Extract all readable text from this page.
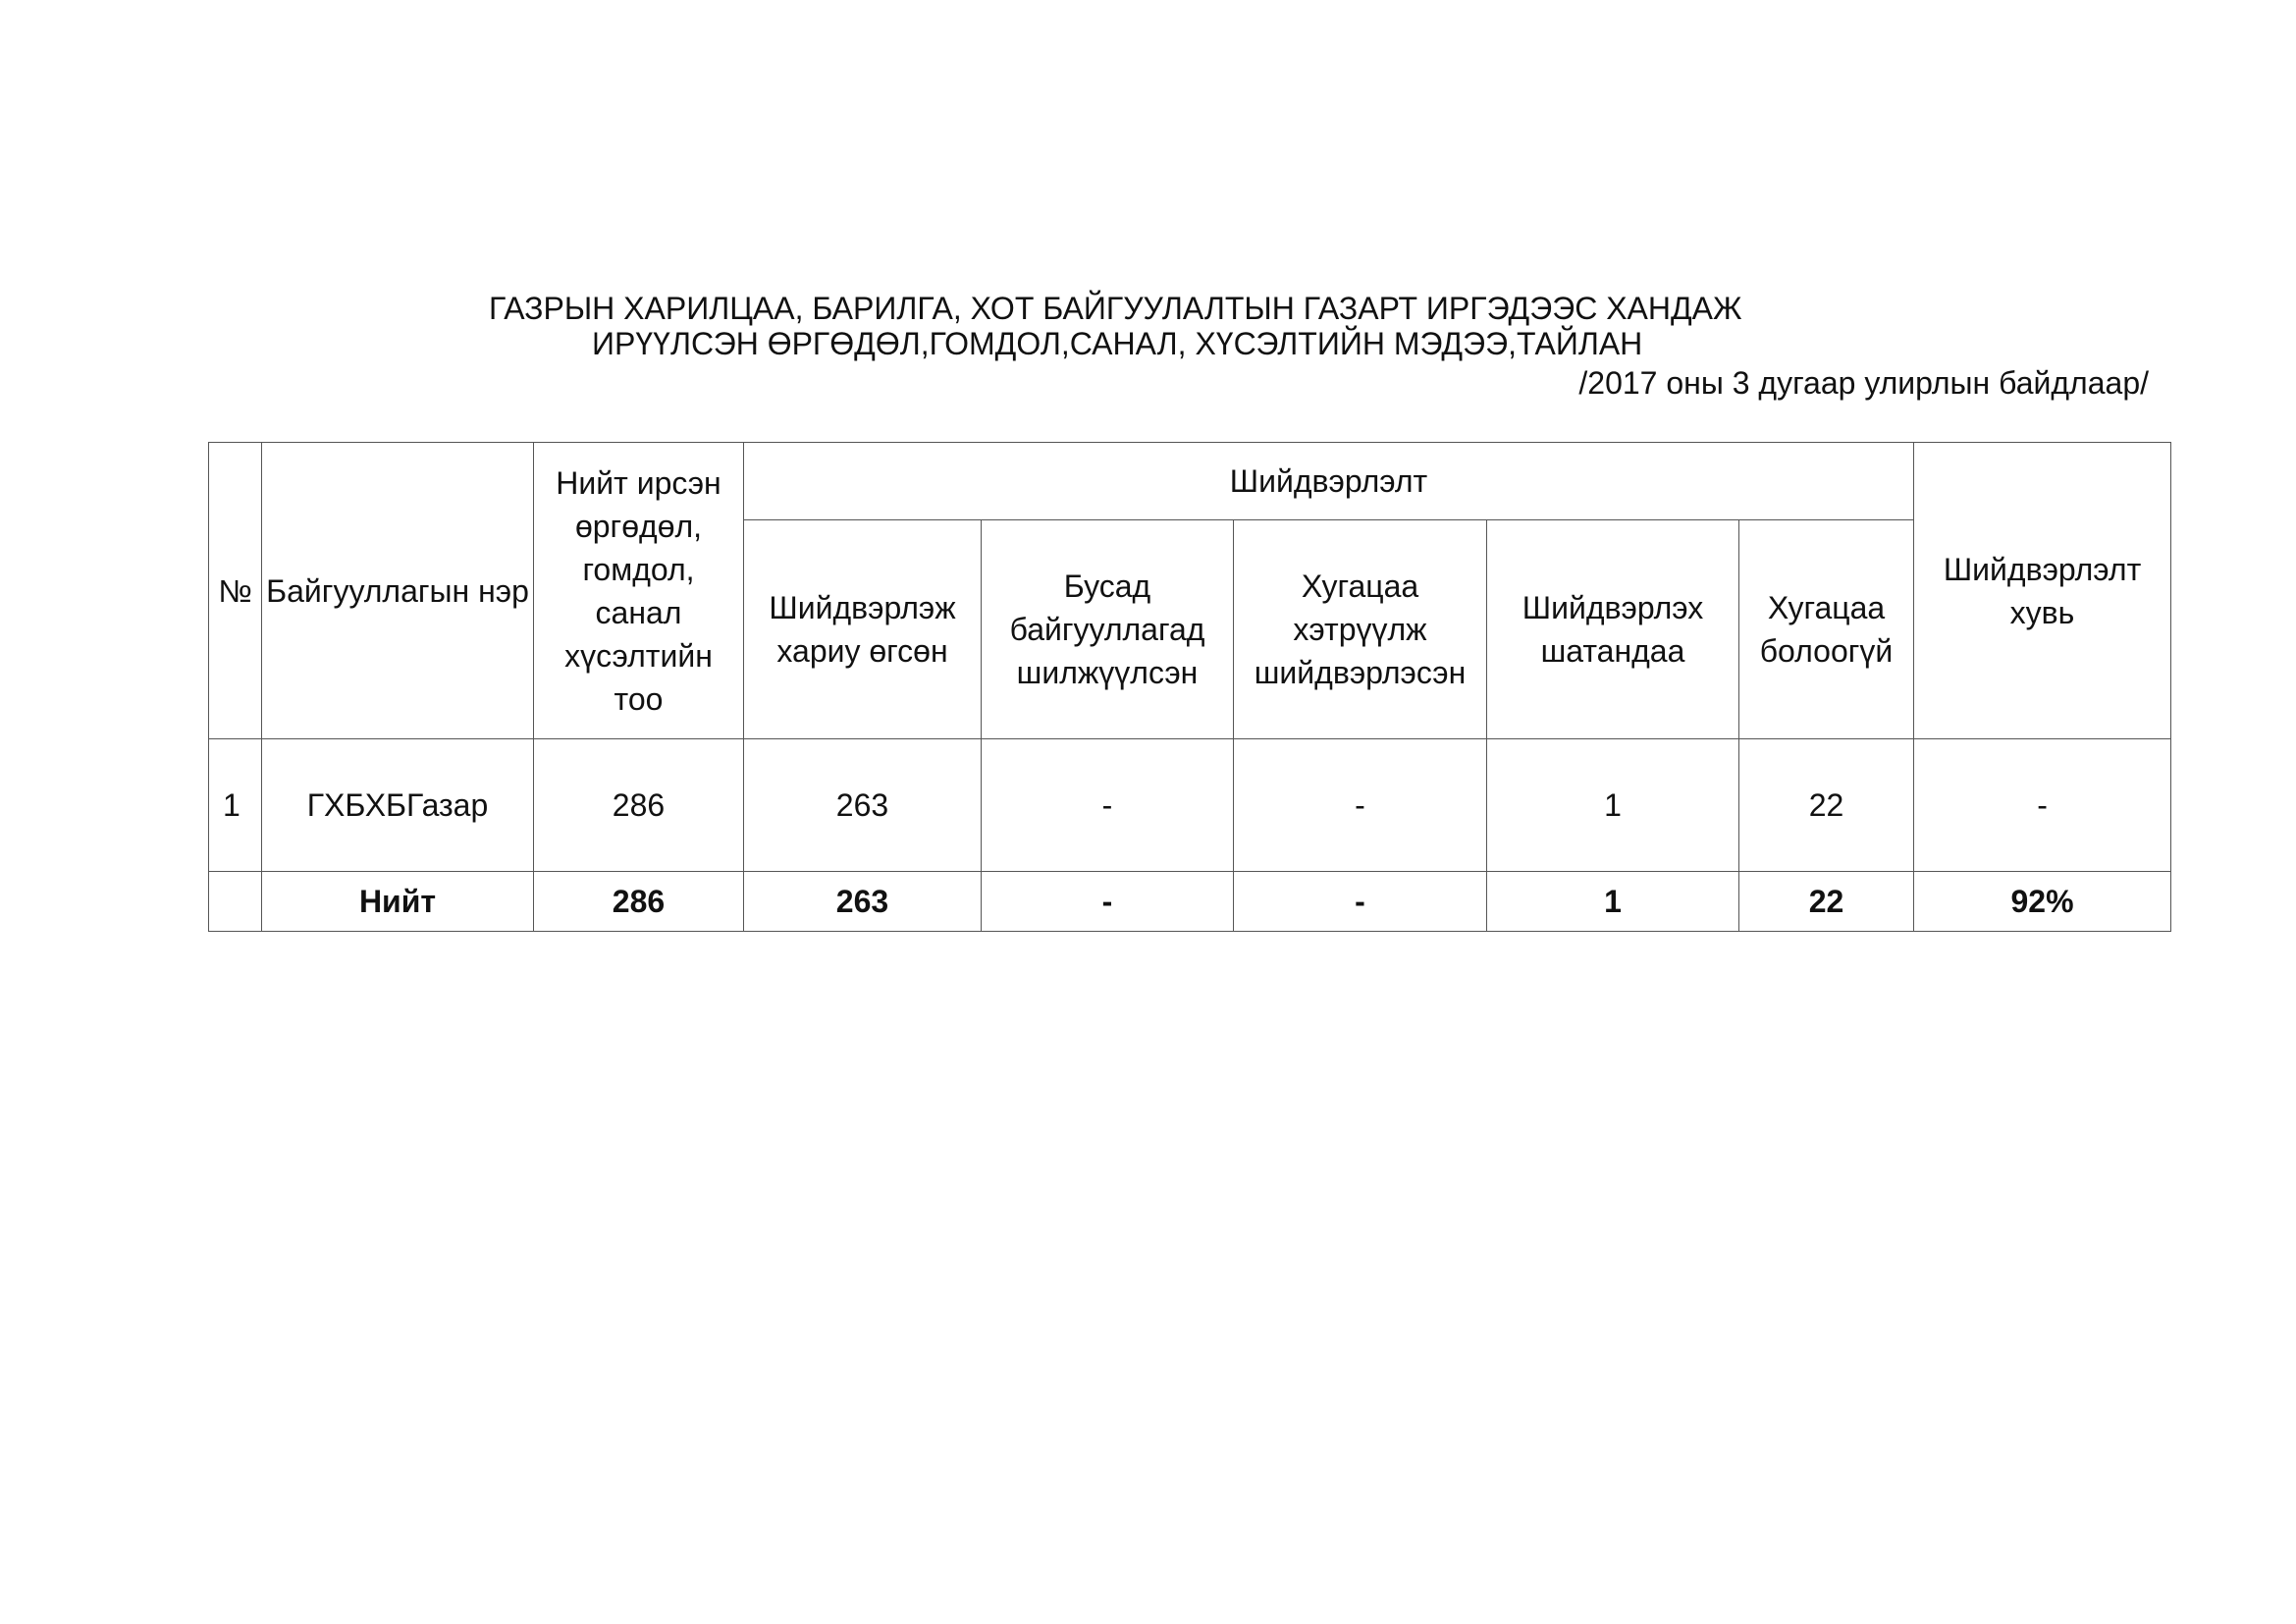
ГАЗРЫН ХАРИЛЦАА, БАРИЛГА, ХОТ БАЙГУУЛАЛТЫН ГАЗАРТ ИРГЭДЭЭС ХАНДАЖ
ИРҮҮЛСЭН ӨРГӨДӨЛ,ГОМДОЛ,САНАЛ, ХҮСЭЛТИЙН МЭДЭЭ,ТАЙЛАН
/2017 оны 3 дугаар улирлын байдлаар/
№	Байгууллагын нэр	Нийт ирсэн өргөдөл, гомдол, санал хүсэлтийн тоо	Шийдвэрлэлт					Шийдвэрлэлт хувь
			Шийдвэрлэж хариу өгсөн	Бусад байгууллагад шилжүүлсэн	Хугацаа хэтрүүлж шийдвэрлэсэн	Шийдвэрлэх шатандаа	Хугацаа болоогүй	
1	ГХБХБГазар	286	263	-	-	1	22	-
	Нийт	286	263	-	-	1	22	92%
